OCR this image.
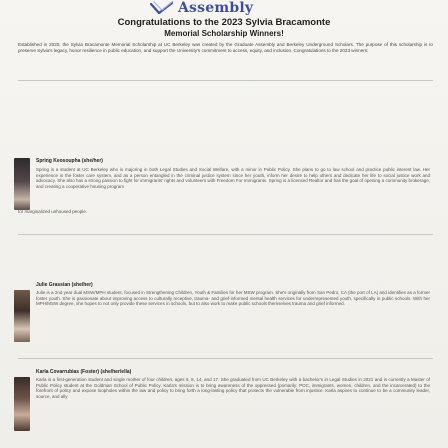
Assembly
Congratulations to the 2023 Sylvia Bracamonte
Memorial Scholarship Winners!
Established in 2020, the Sylvia Bracamonte Memorial Scholarship at UC Berkeley was created by the Graduate Assembly and Berkeley Underground Scholars. The purpose of this scholarship is to preserve Sylvia's legacy, honor resilience in public education, and support the University's commitment to access, equity, and inclusion. Congratulations to the 2023 winners:
Spring Keosoupha (she/her)
Spring is a student at UC Berkeley who is majoring in both Legal Studies and Social Welfare, with a minor in Public Policy. She plans to go to law school and practice public interest law. Her experience in the foster care system, and as a person entangled in the criminal justice system since her youth, inform her desire to help others and dedicate her life to social justice work and advocacy. She also has a strong passion to fight for immigrants' rights and volunteers with Freedom For Immigrants. Spring is a licensed Realtor and has the goal of opening a community brokerage, and creating a cooperative housing program
for marginalized unhoused people.
Julie Grassian (she/her)
Julie is a 2nd year dual MSW/MPH student, focused in Strengthening Children, Youth & Families for her MSW program. She's originally from San Pedro, CA (the port of LA) and identifies as a former foster youth. She is passionate about improving access to culturally receptive, trauma- and grief-informed mental health services for underrepresented youth, specifically in public schools. With her MPH/MSW degree, she hopes to not only provide these services in schools, but to also work to make public schools themselves trauma and grief informed.
Karla Covarrubias (Foster) (she/her/ella)
Karla is a first-generation student and single mother of four children, ages 6, 8, 14, and 17. She graduated from UC Berkeley with a bachelor's in Legal Studies in 2021 and is currently a Master of Public Policy student at the Goldman School of Public Policy. Karla's mission is to bring awareness of the oppressed (primarily: POC, immigrants, women, children, and the incarcerated) to the forefront of policy and expose loopholes within the law and policy to bring forth a long-lasting policy that protects the vulnerable from injustice. Karla aspires to continue to be a community leader, source, and ally
